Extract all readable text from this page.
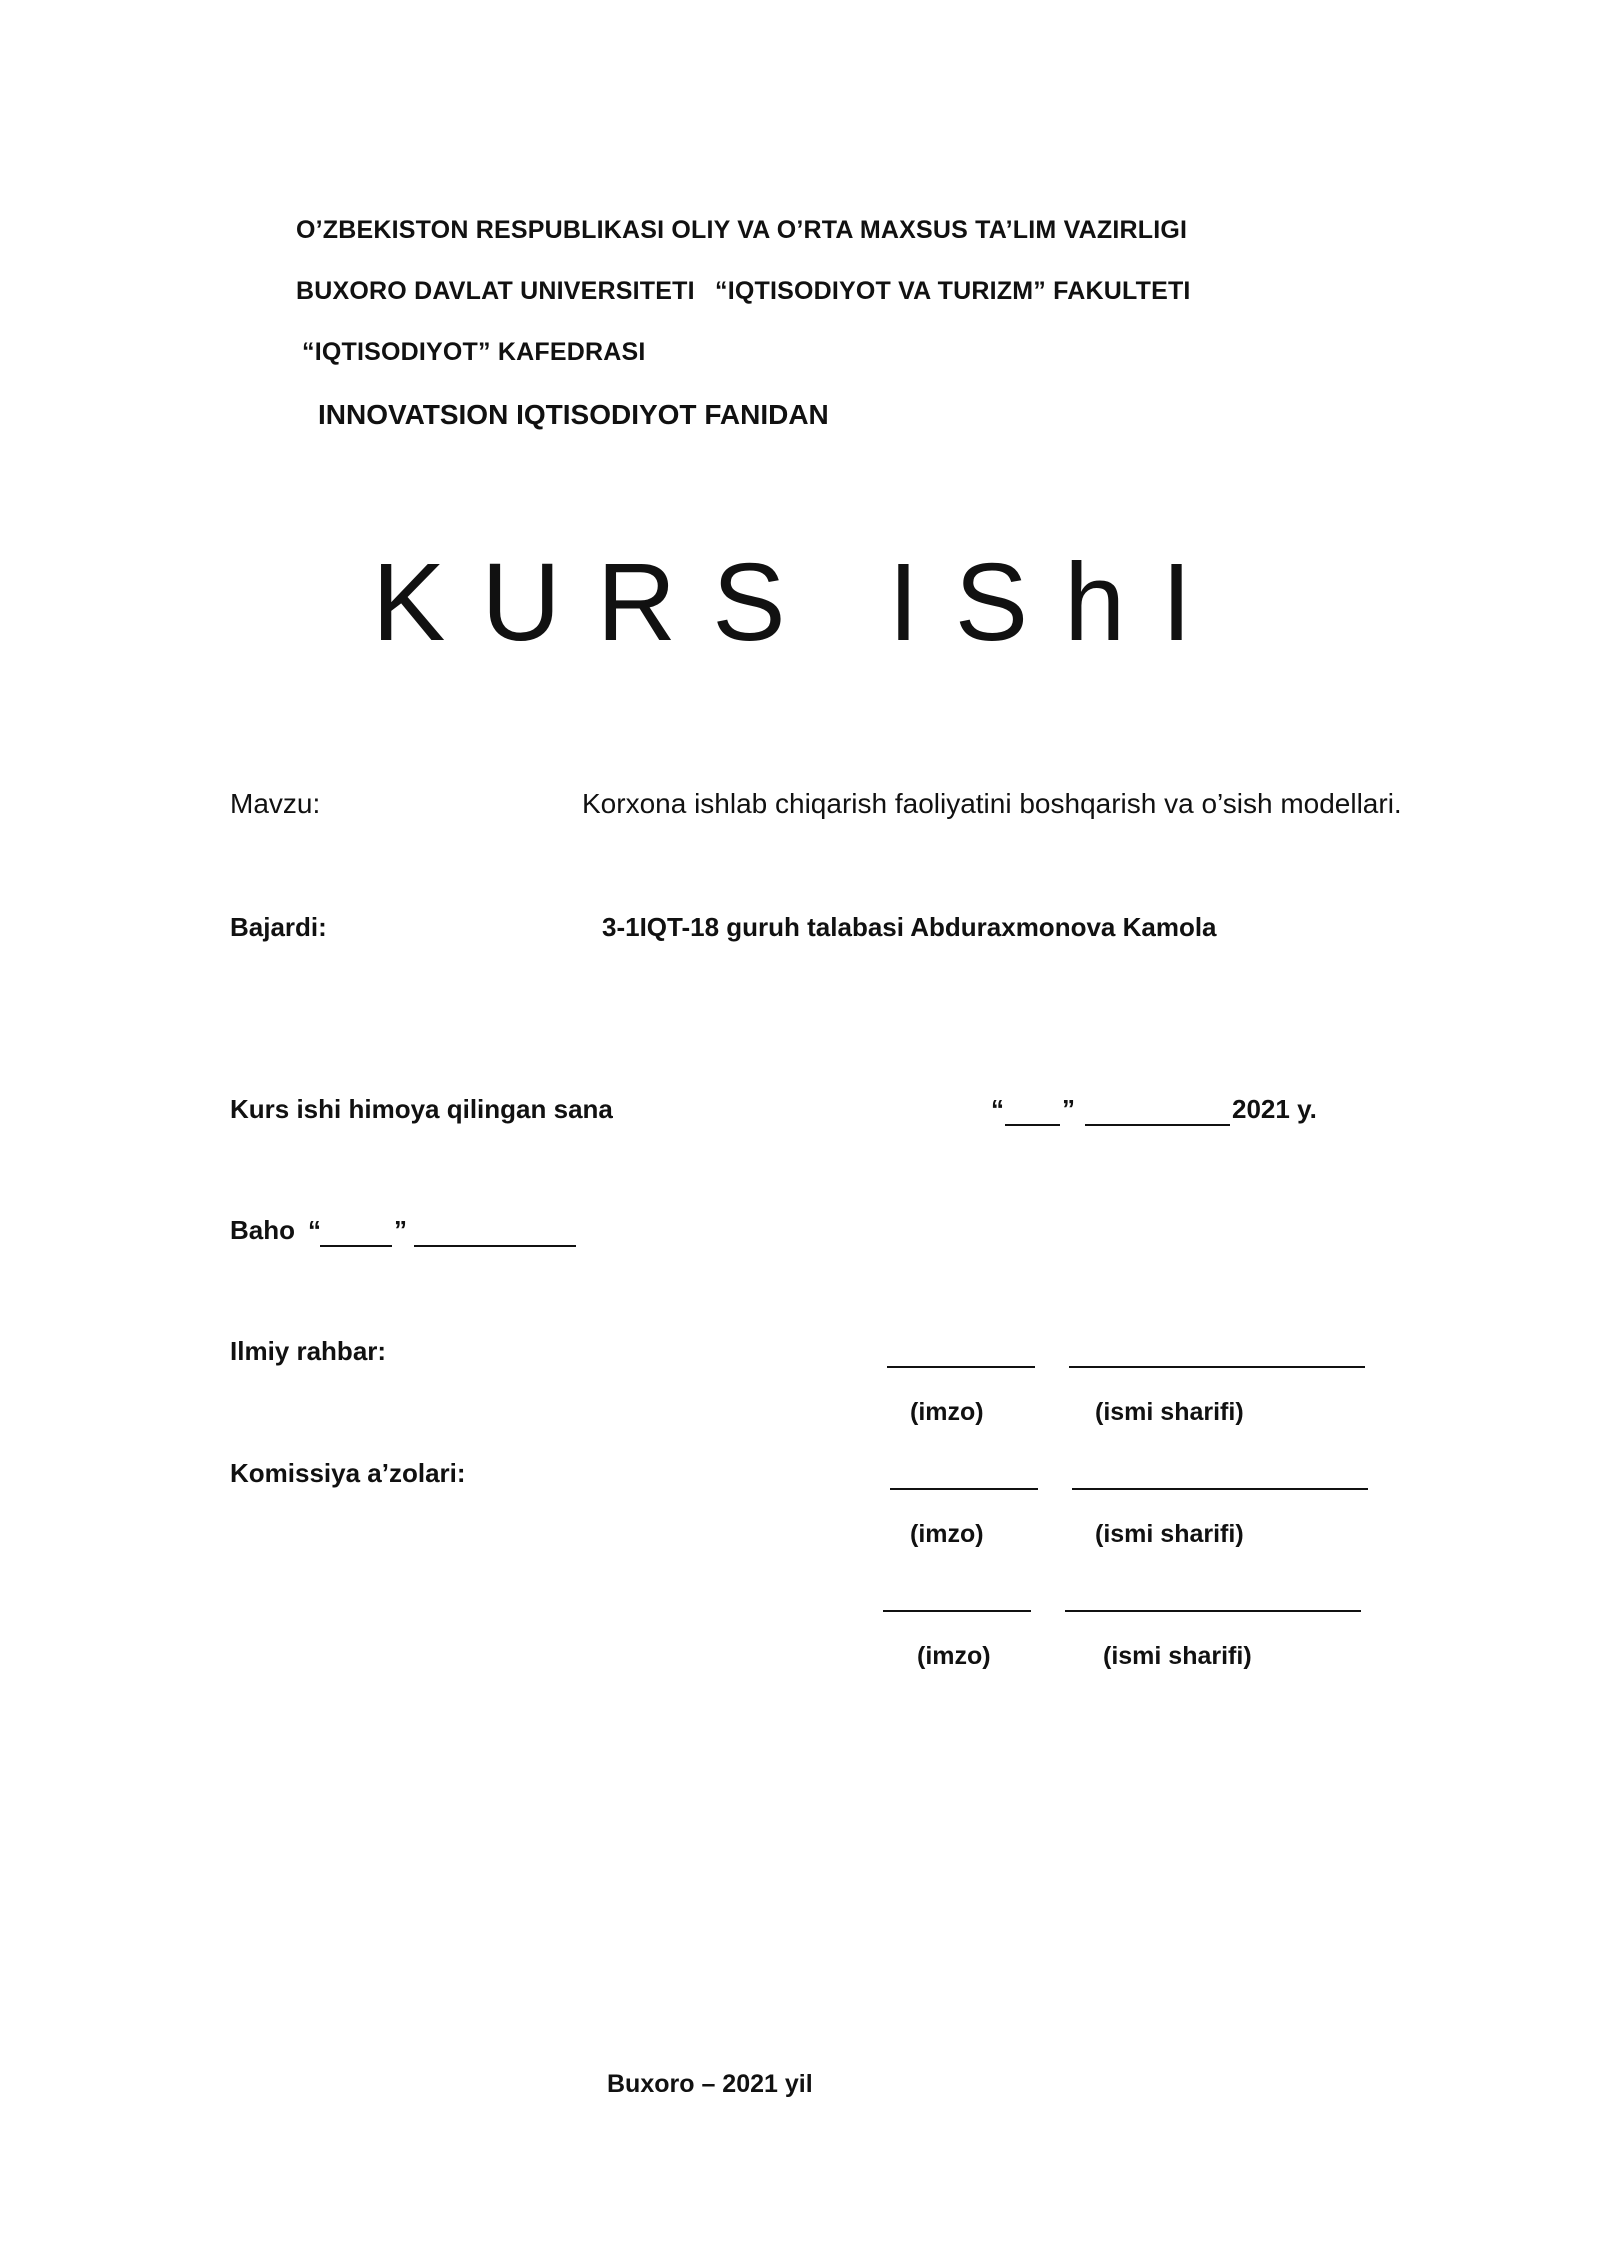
O’ZBEKISTON RESPUBLIKASI OLIY VA O’RTA MAXSUS TA’LIM VAZIRLIGI
BUXORO DAVLAT UNIVERSITETI “IQTISODIYOT VA TURIZM” FAKULTETI
“IQTISODIYOT” KAFEDRASI
INNOVATSION IQTISODIYOT FANIDAN
KURS IShI
Mavzu:	Korxona ishlab chiqarish faoliyatini boshqarish va o’sish modellari.
Bajardi:	3-1IQT-18 guruh talabasi Abduraxmonova Kamola
Kurs ishi himoya qilingan sana	“ ”	2021 y.
Baho “	”
Ilmiy rahbar:
(imzo)	(ismi sharifi)
Komissiya a’zolari:
(imzo)	(ismi sharifi)
(imzo)	(ismi sharifi)
Buxoro – 2021 yil
